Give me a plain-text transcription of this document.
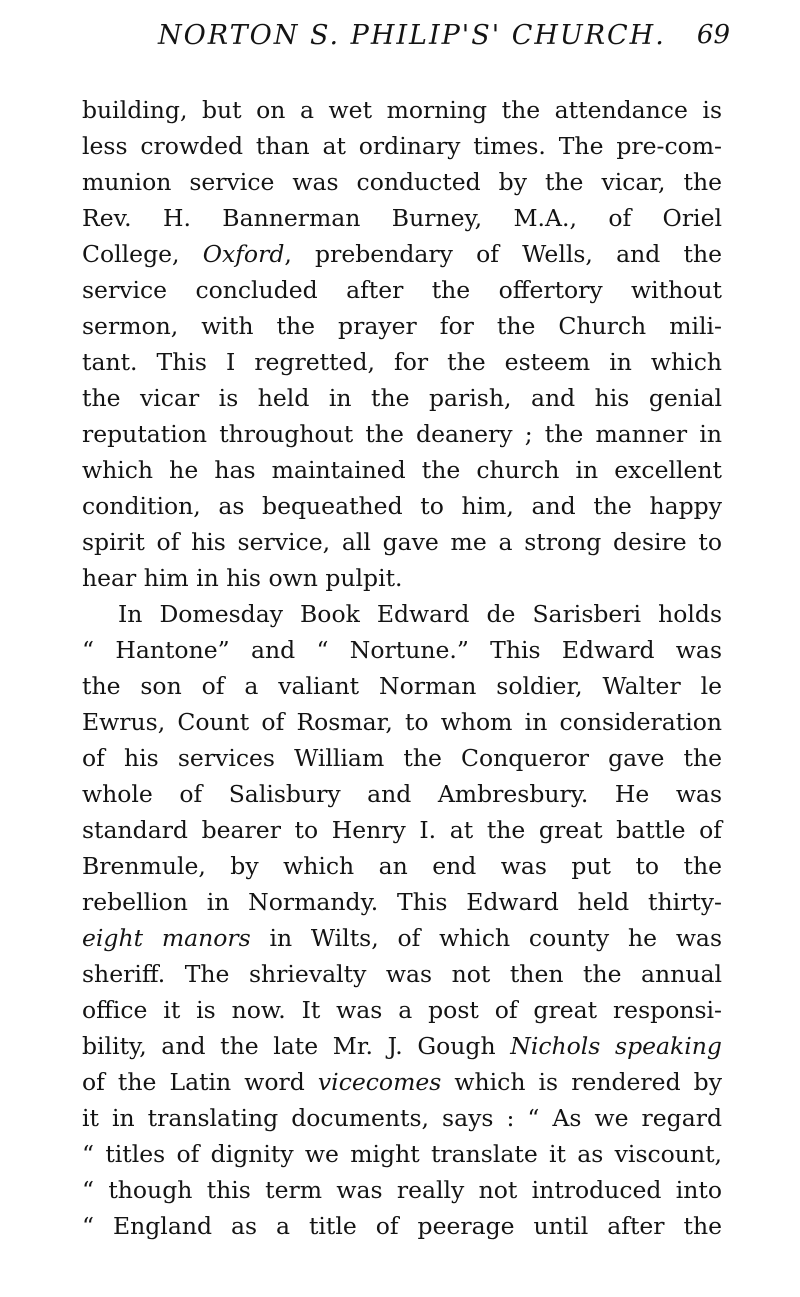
NORTON S. PHILIP'S' CHURCH. 69
building, but on a wet morning the attendance is
less crowded than at ordinary times. The pre-com-
munion service was conducted by the vicar, the
Rev. H. Bannerman Burney, M.A., of Oriel
College, Oxford, prebendary of Wells, and the
service concluded after the offertory without
sermon, with the prayer for the Church mili-
tant. This I regretted, for the esteem in which
the vicar is held in the parish, and his genial
reputation throughout the deanery ; the manner in
which he has maintained the church in excellent
condition, as bequeathed to him, and the happy
spirit of his service, all gave me a strong desire to
hear him in his own pulpit.
In Domesday Book Edward de Sarisberi holds
“ Hantone” and “ Nortune.” This Edward was
the son of a valiant Norman soldier, Walter le
Ewrus, Count of Rosmar, to whom in consideration
of his services William the Conqueror gave the
whole of Salisbury and Ambresbury. He was
standard bearer to Henry I. at the great battle of
Brenmule, by which an end was put to the
rebellion in Normandy. This Edward held thirty-
eight manors in Wilts, of which county he was
sheriff. The shrievalty was not then the annual
office it is now. It was a post of great responsi-
bility, and the late Mr. J. Gough Nichols speaking
of the Latin word vicecomes which is rendered by
it in translating documents, says : “ As we regard
“ titles of dignity we might translate it as viscount,
“ though this term was really not introduced into
“ England as a title of peerage until after the
